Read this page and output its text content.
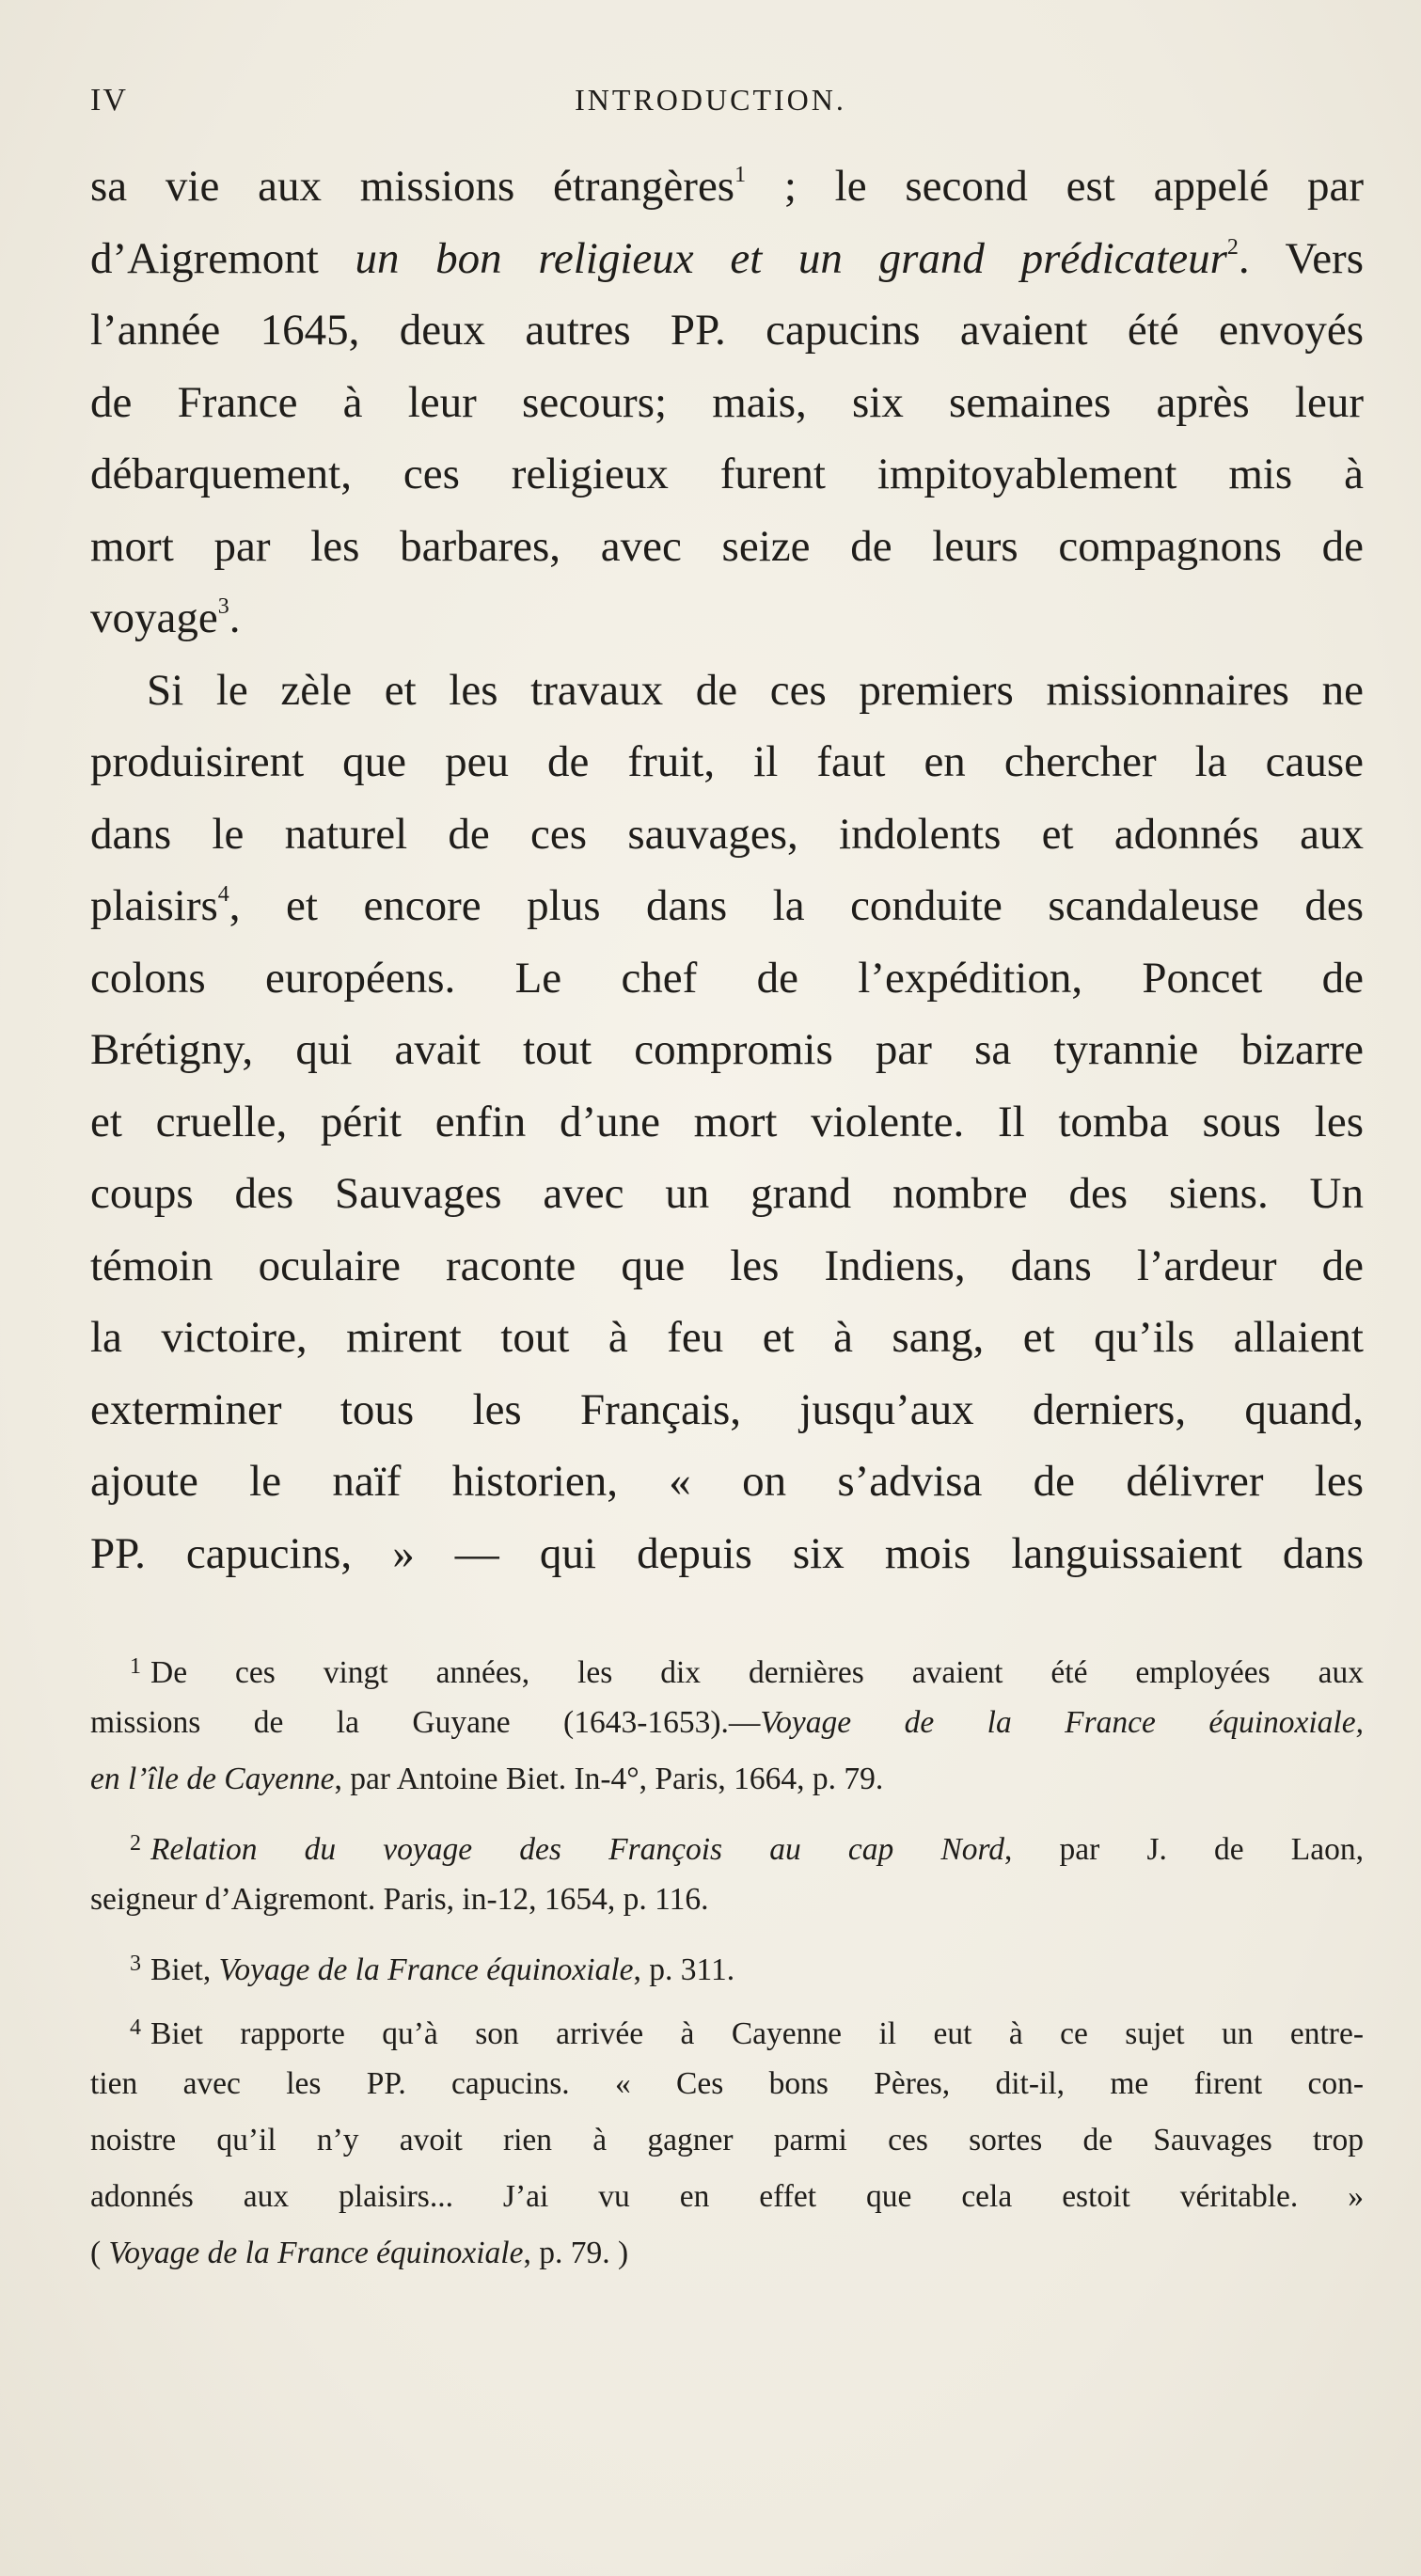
IV	INTRODUCTION.
sa vie aux missions étrangères$^1$ ; le second est appelé par
d’Aigremont un bon religieux et un grand prédicateur$^2$. Vers
l’année 1645, deux autres PP. capucins avaient été envoyés
de France à leur secours; mais, six semaines après leur
débarquement, ces religieux furent impitoyablement mis à
mort par les barbares, avec seize de leurs compagnons de
voyage$^3$.
Si le zèle et les travaux de ces premiers missionnaires ne
produisirent que peu de fruit, il faut en chercher la cause
dans le naturel de ces sauvages, indolents et adonnés aux
plaisirs$^4$, et encore plus dans la conduite scandaleuse des
colons européens. Le chef de l’expédition, Poncet de
Brétigny, qui avait tout compromis par sa tyrannie bizarre
et cruelle, périt enfin d’une mort violente. Il tomba sous les
coups des Sauvages avec un grand nombre des siens. Un
témoin oculaire raconte que les Indiens, dans l’ardeur de
la victoire, mirent tout à feu et à sang, et qu’ils allaient
exterminer tous les Français, jusqu’aux derniers, quand,
ajoute le naïf historien, « on s’advisa de délivrer les
PP. capucins, » — qui depuis six mois languissaient dans
$^1$ De ces vingt années, les dix dernières avaient été employées aux
missions de la Guyane (1643-1653).—Voyage de la France équinoxiale,
en l’île de Cayenne, par Antoine Biet. In-4°, Paris, 1664, p. 79.
$^2$ Relation du voyage des François au cap Nord, par J. de Laon,
seigneur d’Aigremont. Paris, in-12, 1654, p. 116.
$^3$ Biet, Voyage de la France équinoxiale, p. 311.
$^4$ Biet rapporte qu’à son arrivée à Cayenne il eut à ce sujet un entre-
tien avec les PP. capucins. « Ces bons Pères, dit-il, me firent con-
noistre qu’il n’y avoit rien à gagner parmi ces sortes de Sauvages trop
adonnés aux plaisirs... J’ai vu en effet que cela estoit véritable. »
( Voyage de la France équinoxiale, p. 79. )
